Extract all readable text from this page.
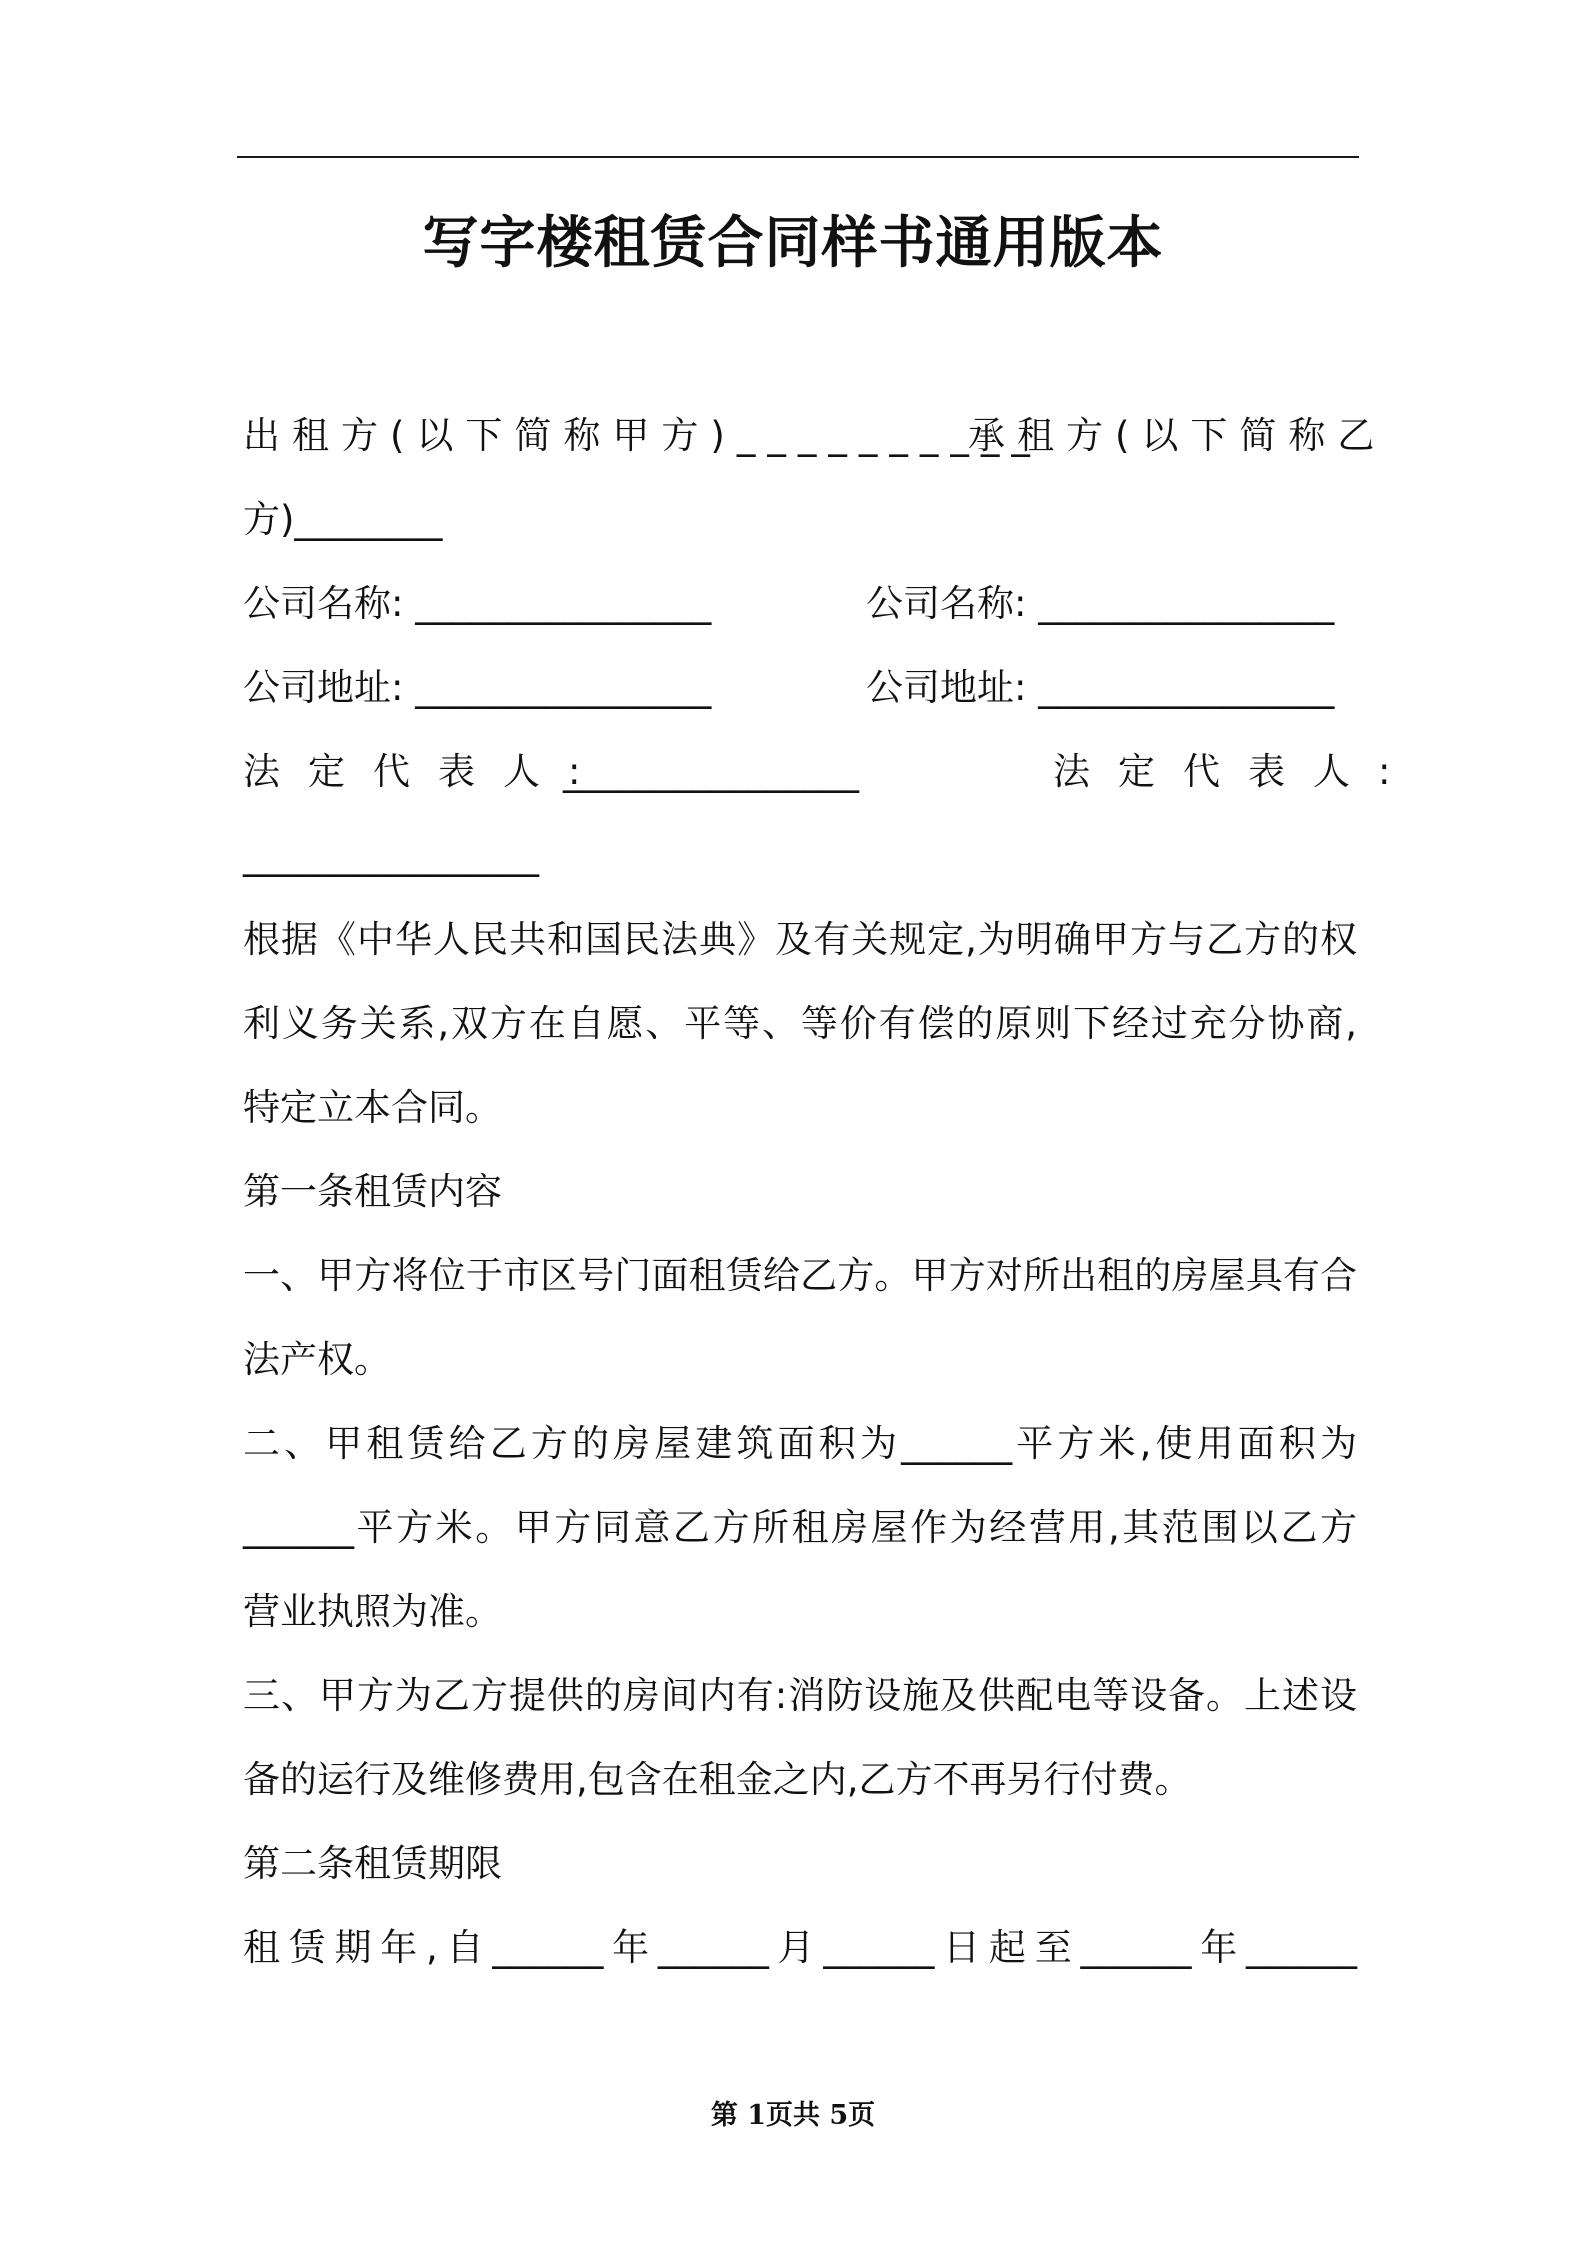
写字楼租赁合同样书通用版本
出租方(以下简称甲方)__________
承租方(以下简称乙
方)________
公司名称: ________________	公司名称: ________________
公司地址: ________________	公司地址: ________________
法定代表人:
________________	法定代表人:
________________
根据《中华人民共和国民法典》及有关规定,为明确甲方与乙方的权
利义务关系,双方在自愿、平等、等价有偿的原则下经过充分协商,
特定立本合同。
第一条租赁内容
一、甲方将位于市区号门面租赁给乙方。甲方对所出租的房屋具有合
法产权。
二、甲租赁给乙方的房屋建筑面积为______平方米,使用面积为
______平方米。甲方同意乙方所租房屋作为经营用,其范围以乙方
营业执照为准。
三、甲方为乙方提供的房间内有:消防设施及供配电等设备。上述设
备的运行及维修费用,包含在租金之内,乙方不再另行付费。
第二条租赁期限
租赁期年,自______年______月______日起至______年______
第 1页共 5页
